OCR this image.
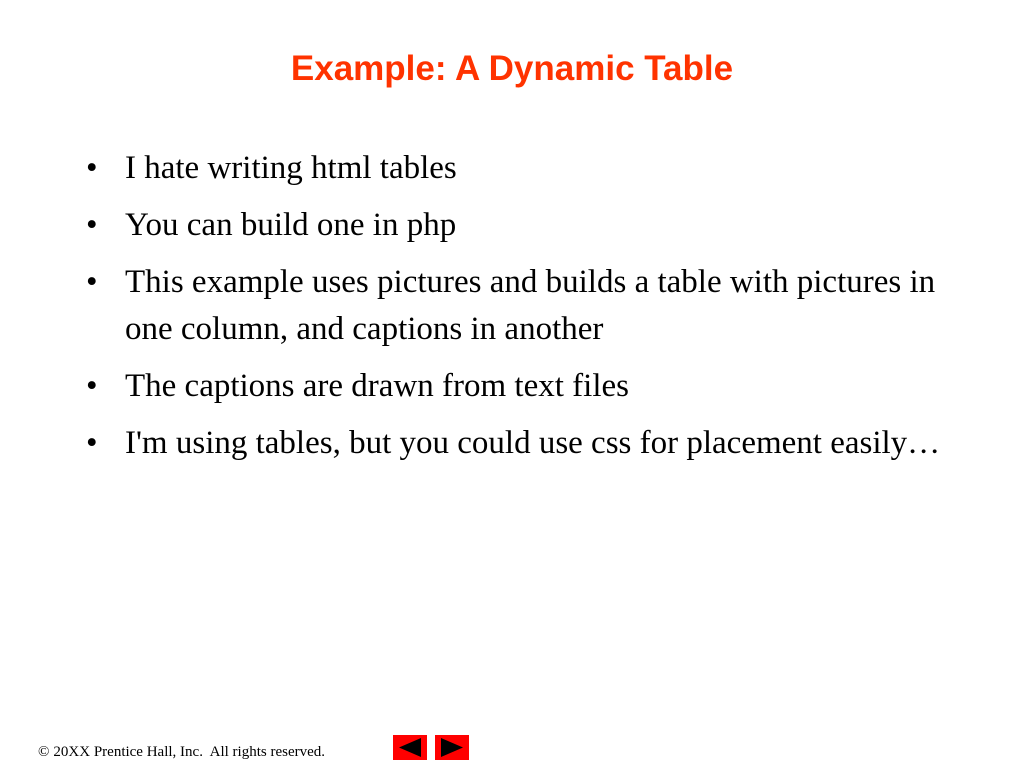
Example: A Dynamic Table
• I hate writing html tables
• You can build one in php
• This example uses pictures and builds a table with pictures in one column, and captions in another
• The captions are drawn from text files
• I'm using tables, but you could use css for placement easily…
© 20XX Prentice Hall, Inc.  All rights reserved.
